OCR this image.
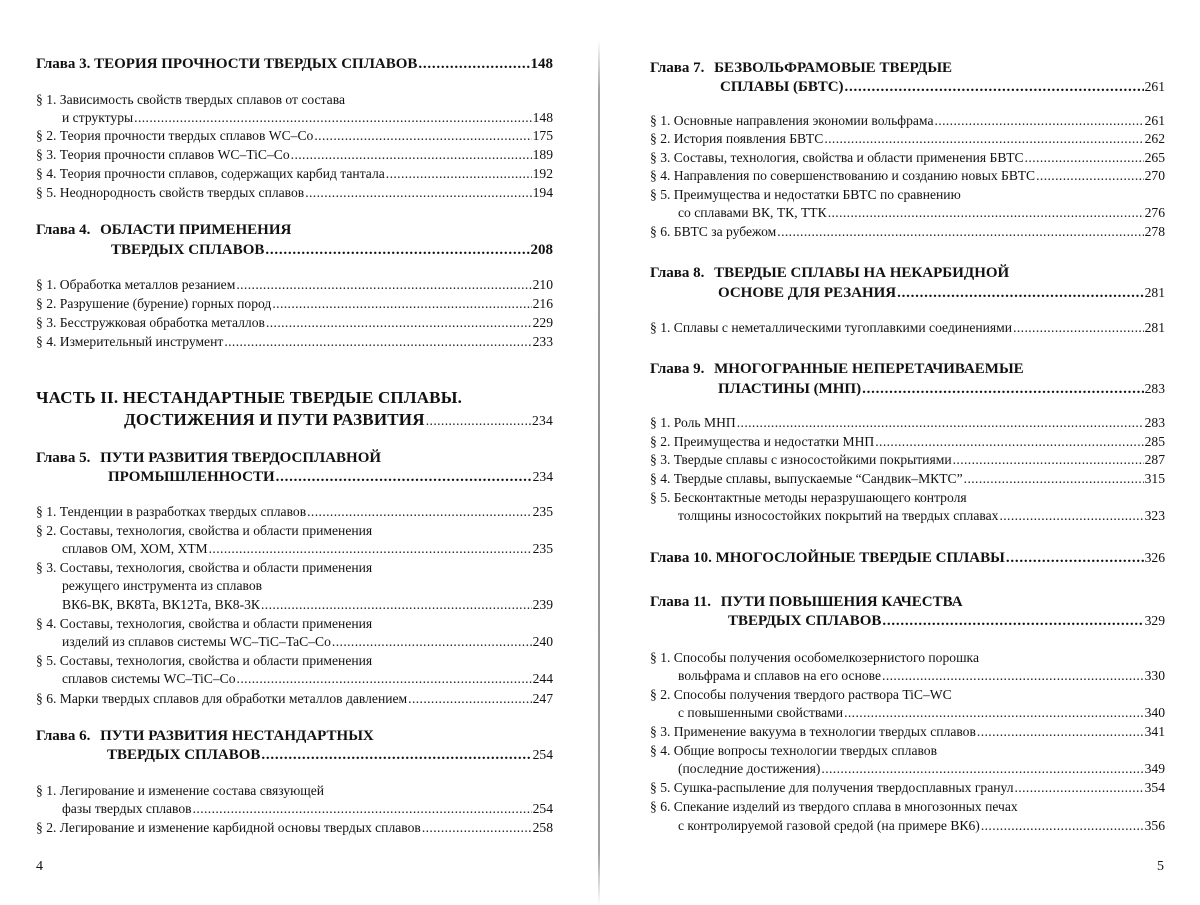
Глава 3. ТЕОРИЯ ПРОЧНОСТИ ТВЕРДЫХ СПЛАВОВ . . .	148
§ 1. Зависимость свойств твердых сплавов от состава
и структуры . . .	148
§ 2. Теория прочности твердых сплавов WC–Co . . .	175
§ 3. Теория прочности сплавов WC–TiC–Co . . .	189
§ 4. Теория прочности сплавов, содержащих карбид тантала . . .	192
§ 5. Неоднородность свойств твердых сплавов . . .	194
Глава 4. ОБЛАСТИ ПРИМЕНЕНИЯ
ТВЕРДЫХ СПЛАВОВ . . .	208
§ 1. Обработка металлов резанием . . .	210
§ 2. Разрушение (бурение) горных пород . . .	216
§ 3. Бесстружковая обработка металлов . . .	229
§ 4. Измерительный инструмент . . .	233
ЧАСТЬ II. НЕСТАНДАРТНЫЕ ТВЕРДЫЕ СПЛАВЫ.
ДОСТИЖЕНИЯ И ПУТИ РАЗВИТИЯ . . .	234
Глава 5. ПУТИ РАЗВИТИЯ ТВЕРДОСПЛАВНОЙ
ПРОМЫШЛЕННОСТИ . . .	234
§ 1. Тенденции в разработках твердых сплавов . . .	235
§ 2. Составы, технология, свойства и области применения
сплавов ОМ, ХОМ, ХТМ . . .	235
§ 3. Составы, технология, свойства и области применения
режущего инструмента из сплавов
ВК6-ВК, ВК8Та, ВК12Та, ВК8-3К . . .	239
§ 4. Составы, технология, свойства и области применения
изделий из сплавов системы WC–TiC–TaC–Co . . .	240
§ 5. Составы, технология, свойства и области применения
сплавов системы WC–TiC–Co . . .	244
§ 6. Марки твердых сплавов для обработки металлов давлением . . .	247
Глава 6. ПУТИ РАЗВИТИЯ НЕСТАНДАРТНЫХ
ТВЕРДЫХ СПЛАВОВ . . .	254
§ 1. Легирование и изменение состава связующей
фазы твердых сплавов . . .	254
§ 2. Легирование и изменение карбидной основы твердых сплавов . . .	258
4
Глава 7. БЕЗВОЛЬФРАМОВЫЕ ТВЕРДЫЕ
СПЛАВЫ (БВТС) . . .	261
§ 1. Основные направления экономии вольфрама . . .	261
§ 2. История появления БВТС . . .	262
§ 3. Составы, технология, свойства и области применения БВТС . . .	265
§ 4. Направления по совершенствованию и созданию новых БВТС . . .	270
§ 5. Преимущества и недостатки БВТС по сравнению
со сплавами ВК, ТК, ТТК . . .	276
§ 6. БВТС за рубежом . . .	278
Глава 8. ТВЕРДЫЕ СПЛАВЫ НА НЕКАРБИДНОЙ
ОСНОВЕ ДЛЯ РЕЗАНИЯ . . .	281
§ 1. Сплавы с неметаллическими тугоплавкими соединениями . . .	281
Глава 9. МНОГОГРАННЫЕ НЕПЕРЕТАЧИВАЕМЫЕ
ПЛАСТИНЫ (МНП) . . .	283
§ 1. Роль МНП . . .	283
§ 2. Преимущества и недостатки МНП . . .	285
§ 3. Твердые сплавы с износостойкими покрытиями . . .	287
§ 4. Твердые сплавы, выпускаемые “Сандвик–МКТС” . . .	315
§ 5. Бесконтактные методы неразрушающего контроля
толщины износостойких покрытий на твердых сплавах . . .	323
Глава 10. МНОГОСЛОЙНЫЕ ТВЕРДЫЕ СПЛАВЫ . . .	326
Глава 11. ПУТИ ПОВЫШЕНИЯ КАЧЕСТВА
ТВЕРДЫХ СПЛАВОВ . . .	329
§ 1. Способы получения особомелкозернистого порошка
вольфрама и сплавов на его основе . . .	330
§ 2. Способы получения твердого раствора TiC–WC
с повышенными свойствами . . .	340
§ 3. Применение вакуума в технологии твердых сплавов . . .	341
§ 4. Общие вопросы технологии твердых сплавов
(последние достижения) . . .	349
§ 5. Сушка-распыление для получения твердосплавных гранул . . .	354
§ 6. Спекание изделий из твердого сплава в многозонных печах
с контролируемой газовой средой (на примере ВК6) . . .	356
5
